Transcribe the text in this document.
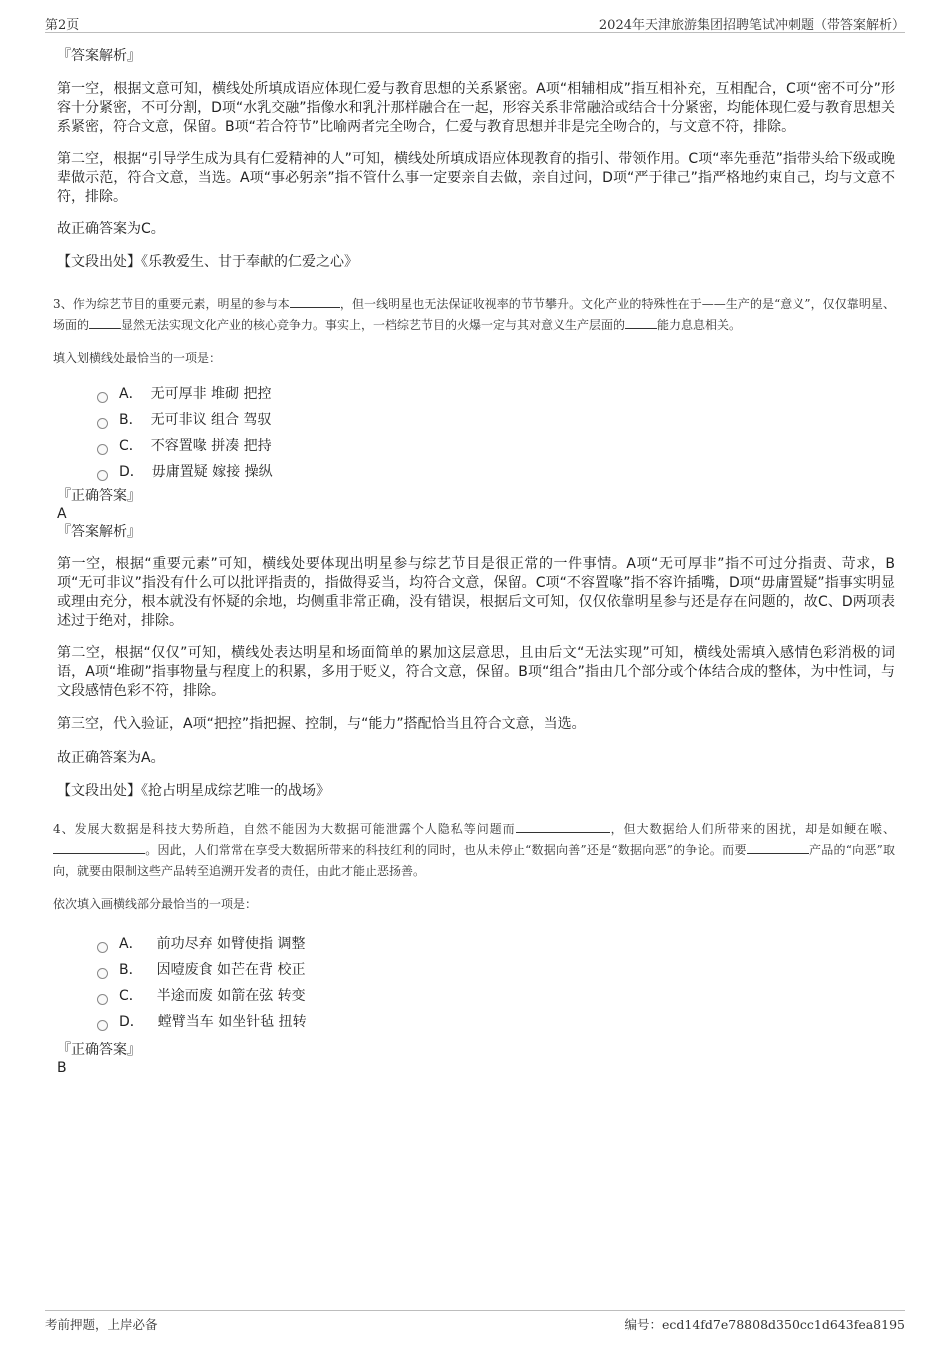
第2页	2024年天津旅游集团招聘笔试冲刺题（带答案解析）

『答案解析』

第一空，根据文意可知，横线处所填成语应体现仁爱与教育思想的关系紧密。A项“相辅相成”指互相补充，互相配合，C项“密不可分”形容十分紧密，不可分割，D项“水乳交融”指像水和乳汁那样融合在一起，形容关系非常融洽或结合十分紧密，均能体现仁爱与教育思想关系紧密，符合文意，保留。B项“若合符节”比喻两者完全吻合，仁爱与教育思想并非是完全吻合的，与文意不符，排除。

第二空，根据“引导学生成为具有仁爱精神的人”可知，横线处所填成语应体现教育的指引、带领作用。C项“率先垂范”指带头给下级或晚辈做示范，符合文意，当选。A项“事必躬亲”指不管什么事一定要亲自去做，亲自过问，D项“严于律己”指严格地约束自己，均与文意不符，排除。

故正确答案为C。

【文段出处】《乐教爱生、甘于奉献的仁爱之心》

3、作为综艺节目的重要元素，明星的参与本	，但一线明星也无法保证收视率的节节攀升。文化产业的特殊性在于——生产的是“意义”，仅仅靠明星、场面的	显然无法实现文化产业的核心竞争力。事实上，一档综艺节目的火爆一定与其对意义生产层面的	能力息息相关。

填入划横线处最恰当的一项是：

A． 无可厚非 堆砌 把控
B． 无可非议 组合 驾驭
C． 不容置喙 拼凑 把持
D． 毋庸置疑 嫁接 操纵

『正确答案』

A

『答案解析』

第一空，根据“重要元素”可知，横线处要体现出明星参与综艺节目是很正常的一件事情。A项“无可厚非”指不可过分指责、苛求，B项“无可非议”指没有什么可以批评指责的，指做得妥当，均符合文意，保留。C项“不容置喙”指不容许插嘴，D项“毋庸置疑”指事实明显或理由充分，根本就没有怀疑的余地，均侧重非常正确，没有错误，根据后文可知，仅仅依靠明星参与还是存在问题的，故C、D两项表述过于绝对，排除。

第二空，根据“仅仅”可知，横线处表达明星和场面简单的累加这层意思，且由后文“无法实现”可知，横线处需填入感情色彩消极的词语，A项“堆砌”指事物量与程度上的积累，多用于贬义，符合文意，保留。B项“组合”指由几个部分或个体结合成的整体，为中性词，与文段感情色彩不符，排除。

第三空，代入验证，A项“把控”指把握、控制，与“能力”搭配恰当且符合文意，当选。

故正确答案为A。

【文段出处】《抢占明星成综艺唯一的战场》

4、发展大数据是科技大势所趋，自然不能因为大数据可能泄露个人隐私等问题而	，但大数据给人们所带来的困扰，却是如鲠在喉、。因此，人们常常在享受大数据所带来的科技红利的同时，也从未停止“数据向善”还是“数据向恶”的争论。而要	产品的“向恶”取向，就要由限制这些产品转至追溯开发者的责任，由此才能止恶扬善。

依次填入画横线部分最恰当的一项是：

A． 前功尽弃 如臂使指 调整
B． 因噎废食 如芒在背 校正
C． 半途而废 如箭在弦 转变
D． 螳臂当车 如坐针毡 扭转

『正确答案』

B

考前押题，上岸必备	编号：ecd14fd7e78808d350cc1d643fea8195
